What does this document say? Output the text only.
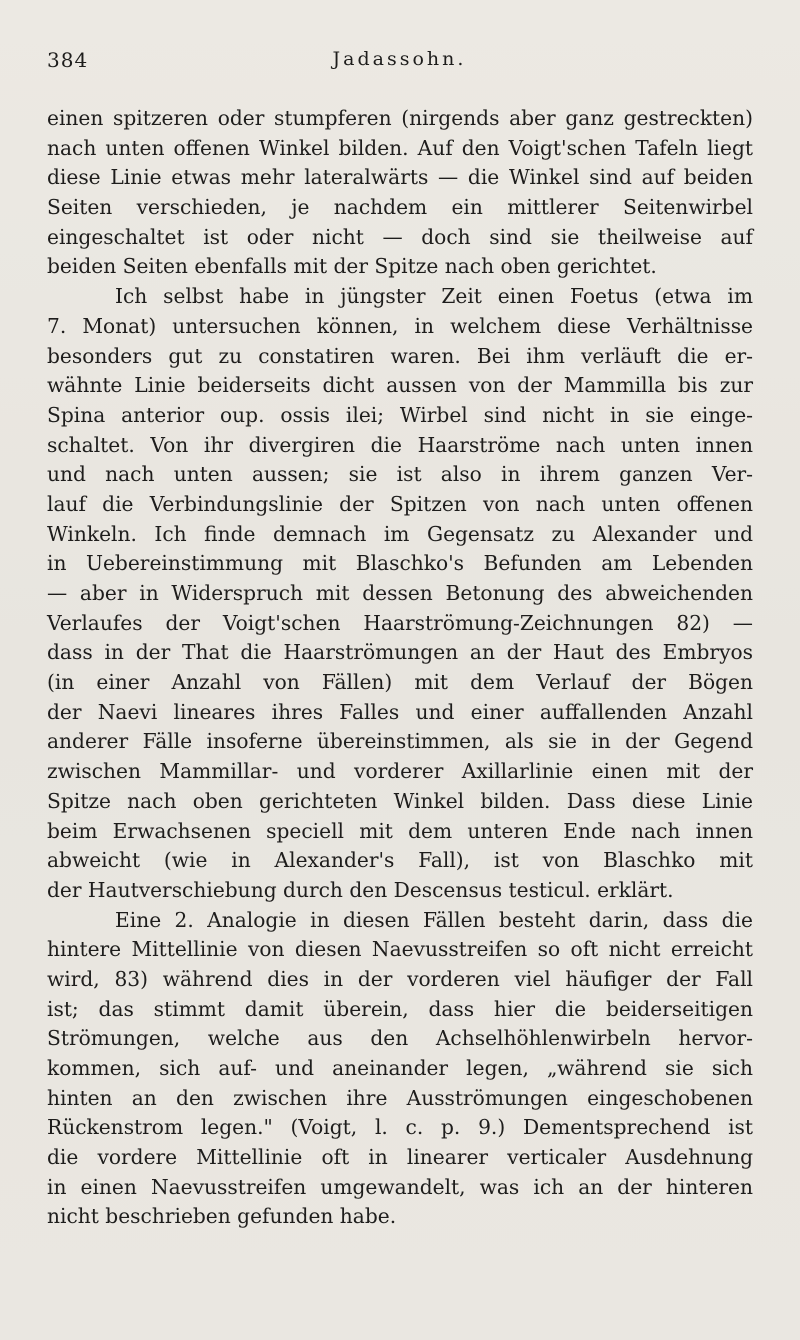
384	Jadassohn.
einen spitzeren oder stumpferen (nirgends aber ganz gestreckten)
nach unten offenen Winkel bilden. Auf den Voigt'schen Tafeln liegt
diese Linie etwas mehr lateralwärts — die Winkel sind auf beiden
Seiten verschieden, je nachdem ein mittlerer Seitenwirbel
eingeschaltet ist oder nicht — doch sind sie theilweise auf
beiden Seiten ebenfalls mit der Spitze nach oben gerichtet.
Ich selbst habe in jüngster Zeit einen Foetus (etwa im
7. Monat) untersuchen können, in welchem diese Verhältnisse
besonders gut zu constatiren waren. Bei ihm verläuft die er-
wähnte Linie beiderseits dicht aussen von der Mammilla bis zur
Spina anterior oup. ossis ilei; Wirbel sind nicht in sie einge-
schaltet. Von ihr divergiren die Haarströme nach unten innen
und nach unten aussen; sie ist also in ihrem ganzen Ver-
lauf die Verbindungslinie der Spitzen von nach unten offenen
Winkeln. Ich finde demnach im Gegensatz zu Alexander und
in Uebereinstimmung mit Blaschko's Befunden am Lebenden
— aber in Widerspruch mit dessen Betonung des abweichenden
Verlaufes der Voigt'schen Haarströmung-Zeichnungen 82) —
dass in der That die Haarströmungen an der Haut des Embryos
(in einer Anzahl von Fällen) mit dem Verlauf der Bögen
der Naevi lineares ihres Falles und einer auffallenden Anzahl
anderer Fälle insoferne übereinstimmen, als sie in der Gegend
zwischen Mammillar- und vorderer Axillarlinie einen mit der
Spitze nach oben gerichteten Winkel bilden. Dass diese Linie
beim Erwachsenen speciell mit dem unteren Ende nach innen
abweicht (wie in Alexander's Fall), ist von Blaschko mit
der Hautverschiebung durch den Descensus testicul. erklärt.
Eine 2. Analogie in diesen Fällen besteht darin, dass die
hintere Mittellinie von diesen Naevusstreifen so oft nicht erreicht
wird, 83) während dies in der vorderen viel häufiger der Fall
ist; das stimmt damit überein, dass hier die beiderseitigen
Strömungen, welche aus den Achselhöhlenwirbeln hervor-
kommen, sich auf- und aneinander legen, „während sie sich
hinten an den zwischen ihre Ausströmungen eingeschobenen
Rückenstrom legen." (Voigt, l. c. p. 9.) Dementsprechend ist
die vordere Mittellinie oft in linearer verticaler Ausdehnung
in einen Naevusstreifen umgewandelt, was ich an der hinteren
nicht beschrieben gefunden habe.
